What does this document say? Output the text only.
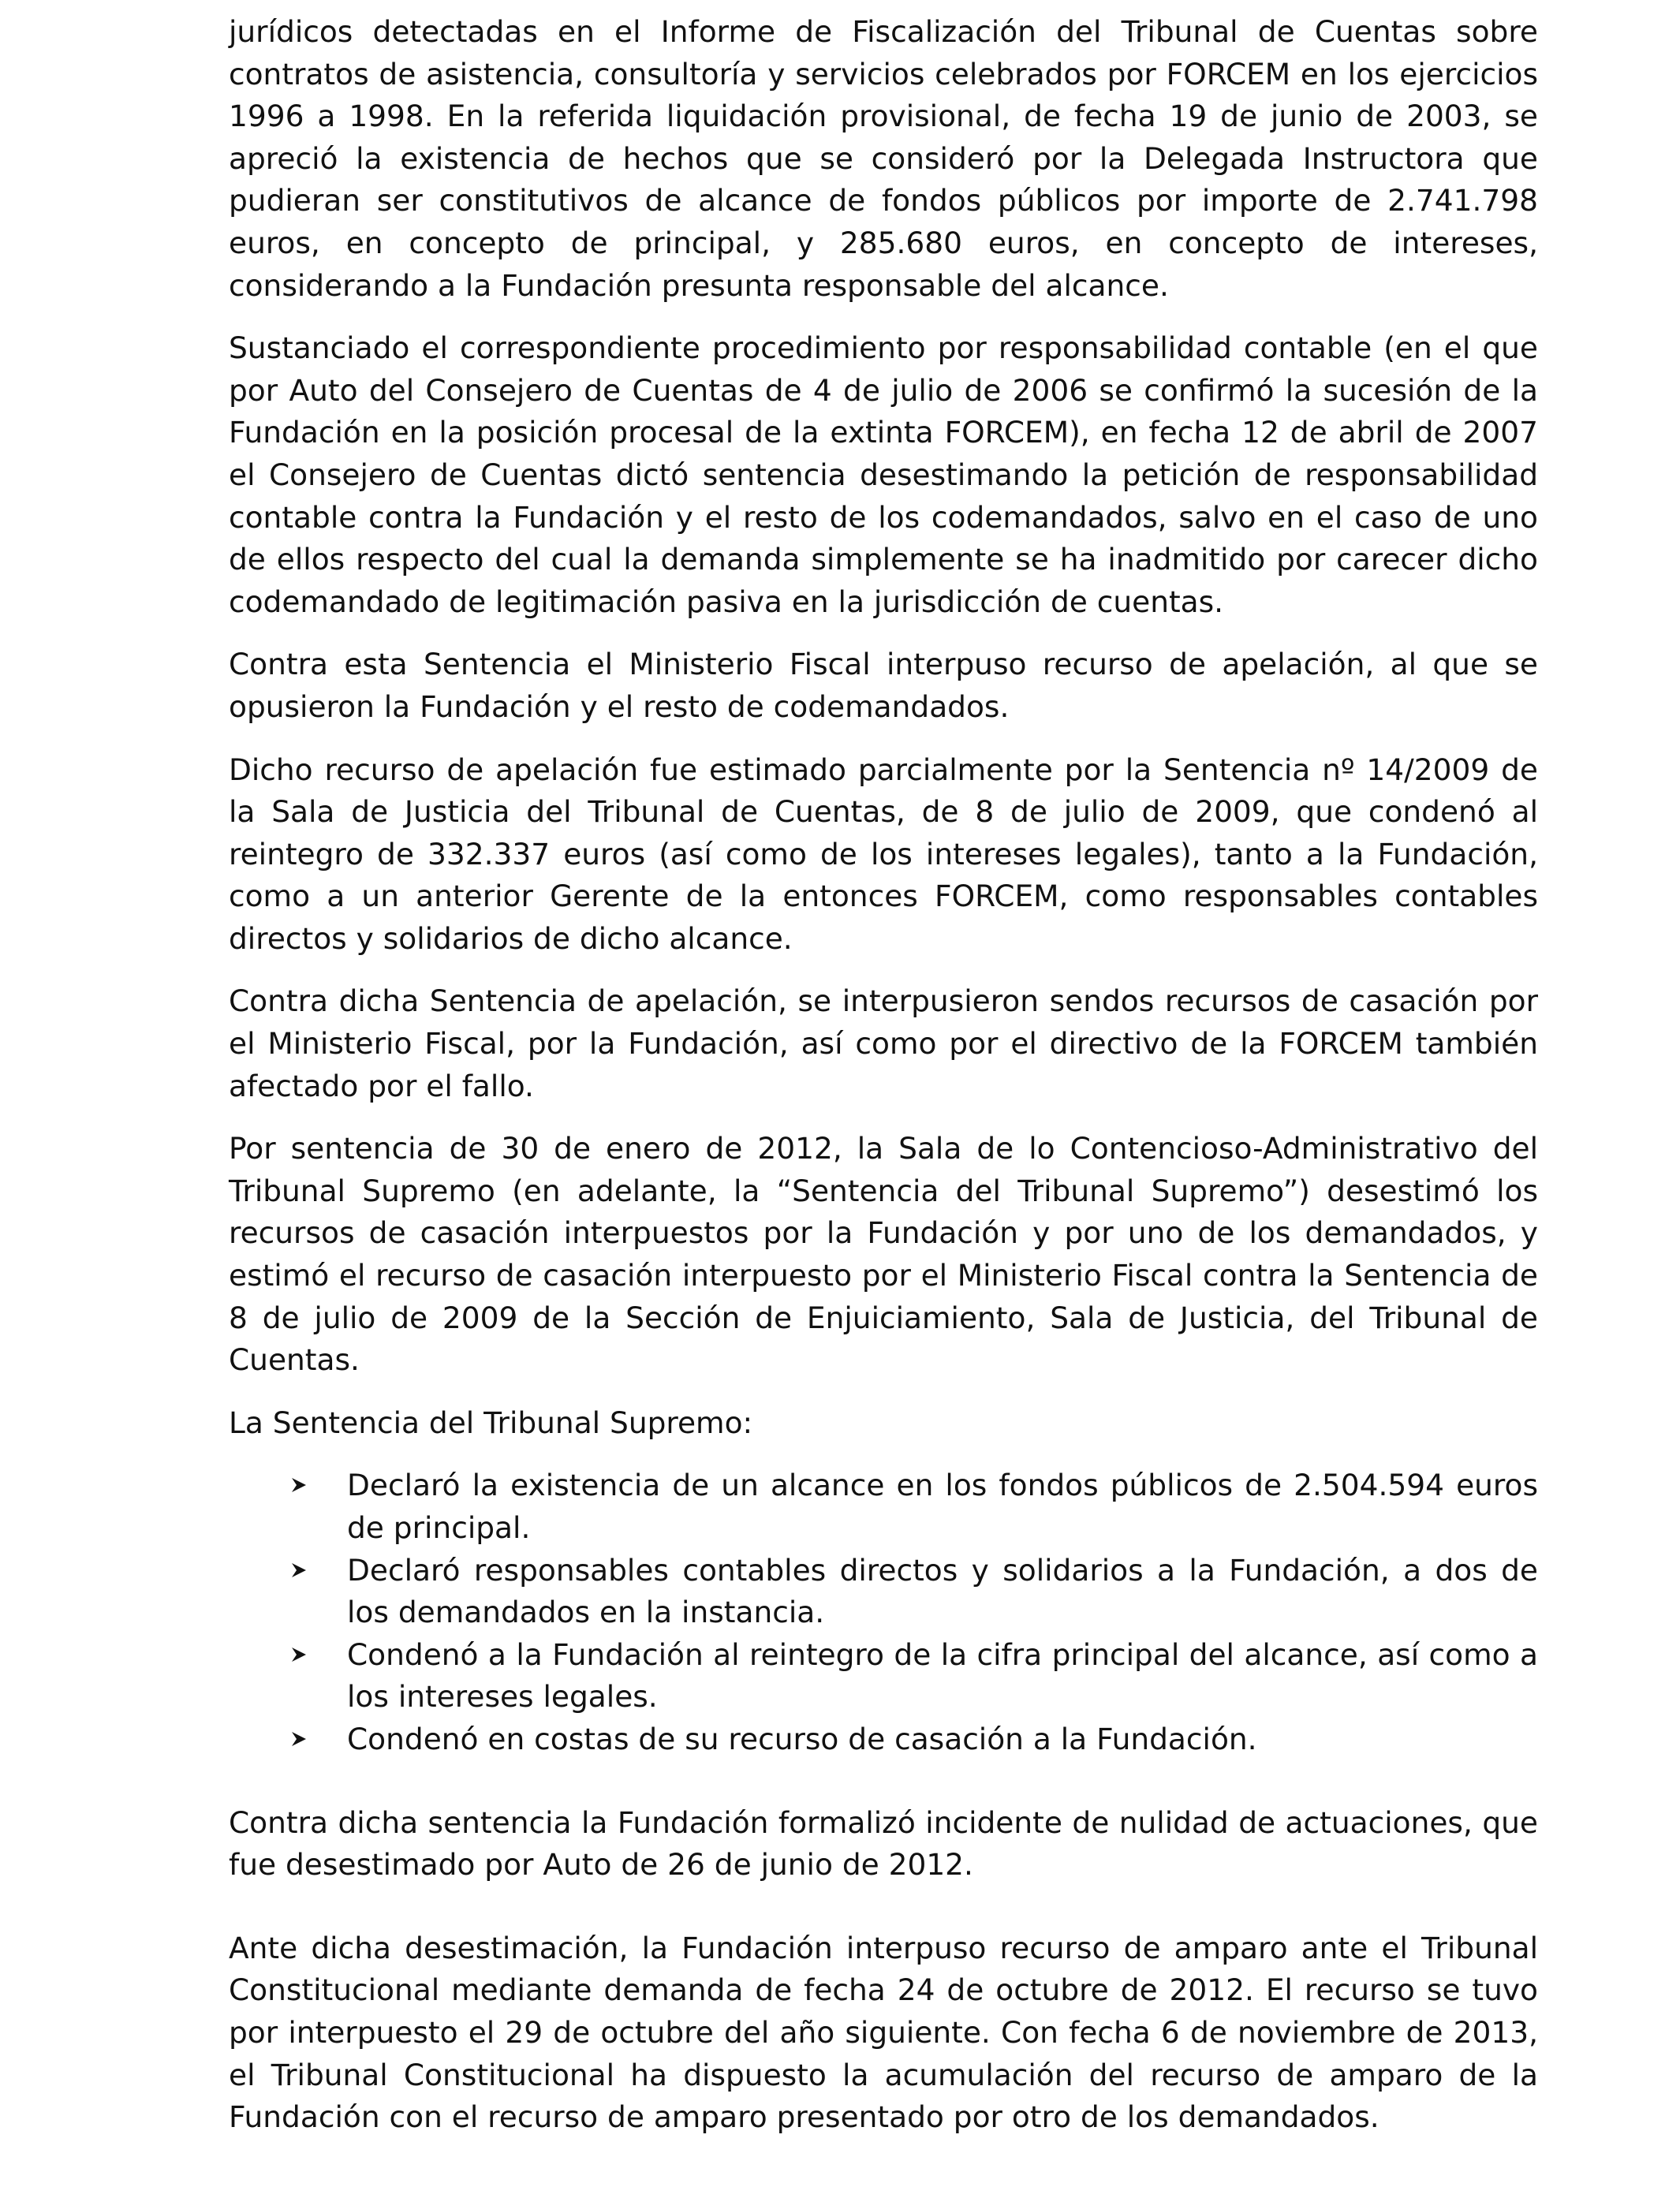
jurídicos detectadas en el Informe de Fiscalización del Tribunal de Cuentas sobre contratos de asistencia, consultoría y servicios celebrados por FORCEM en los ejercicios 1996 a 1998. En la referida liquidación provisional, de fecha 19 de junio de 2003, se apreció la existencia de hechos que se consideró por la Delegada Instructora que pudieran ser constitutivos de alcance de fondos públicos por importe de 2.741.798 euros, en concepto de principal, y 285.680 euros, en concepto de intereses, considerando a la Fundación presunta responsable del alcance.

Sustanciado el correspondiente procedimiento por responsabilidad contable (en el que por Auto del Consejero de Cuentas de 4 de julio de 2006 se confirmó la sucesión de la Fundación en la posición procesal de la extinta FORCEM), en fecha 12 de abril de 2007 el Consejero de Cuentas dictó sentencia desestimando la petición de responsabilidad contable contra la Fundación y el resto de los codemandados, salvo en el caso de uno de ellos respecto del cual la demanda simplemente se ha inadmitido por carecer dicho codemandado de legitimación pasiva en la jurisdicción de cuentas.

Contra esta Sentencia el Ministerio Fiscal interpuso recurso de apelación, al que se opusieron la Fundación y el resto de codemandados.

Dicho recurso de apelación fue estimado parcialmente por la Sentencia nº 14/2009 de la Sala de Justicia del Tribunal de Cuentas, de 8 de julio de 2009, que condenó al reintegro de 332.337 euros (así como de los intereses legales), tanto a la Fundación, como a un anterior Gerente de la entonces FORCEM, como responsables contables directos y solidarios de dicho alcance.

Contra dicha Sentencia de apelación, se interpusieron sendos recursos de casación por el Ministerio Fiscal, por la Fundación, así como por el directivo de la FORCEM también afectado por el fallo.

Por sentencia de 30 de enero de 2012, la Sala de lo Contencioso-Administrativo del Tribunal Supremo (en adelante, la “Sentencia del Tribunal Supremo”) desestimó los recursos de casación interpuestos por la Fundación y por uno de los demandados, y estimó el recurso de casación interpuesto por el Ministerio Fiscal contra la Sentencia de 8 de julio de 2009 de la Sección de Enjuiciamiento, Sala de Justicia, del Tribunal de Cuentas.

La Sentencia del Tribunal Supremo:

Declaró la existencia de un alcance en los fondos públicos de 2.504.594 euros de principal.
Declaró responsables contables directos y solidarios a la Fundación, a dos de los demandados en la instancia.
Condenó a la Fundación al reintegro de la cifra principal del alcance, así como a los intereses legales.
Condenó en costas de su recurso de casación a la Fundación.

Contra dicha sentencia la Fundación formalizó incidente de nulidad de actuaciones, que fue desestimado por Auto de 26 de junio de 2012.

Ante dicha desestimación, la Fundación interpuso recurso de amparo ante el Tribunal Constitucional mediante demanda de fecha 24 de octubre de 2012. El recurso se tuvo por interpuesto el 29 de octubre del año siguiente. Con fecha 6 de noviembre de 2013, el Tribunal Constitucional ha dispuesto la acumulación del recurso de amparo de la Fundación con el recurso de amparo presentado por otro de los demandados.
